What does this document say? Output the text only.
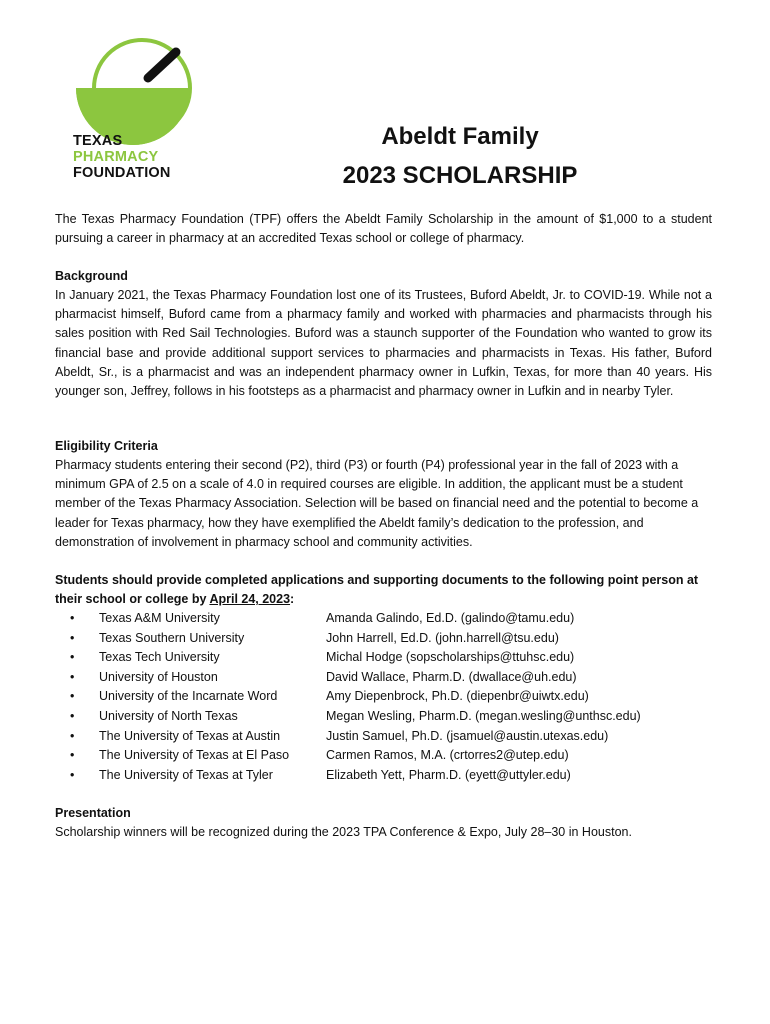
TEXAS
PHARMACY
FOUNDATION
Abeldt Family
2023 SCHOLARSHIP

The Texas Pharmacy Foundation (TPF) offers the Abeldt Family Scholarship in the amount of $1,000 to a student pursuing a career in pharmacy at an accredited Texas school or college of pharmacy.

Background

In January 2021, the Texas Pharmacy Foundation lost one of its Trustees, Buford Abeldt, Jr. to COVID-19. While not a pharmacist himself, Buford came from a pharmacy family and worked with pharmacies and pharmacists through his sales position with Red Sail Technologies. Buford was a staunch supporter of the Foundation who wanted to grow its financial base and provide additional support services to pharmacies and pharmacists in Texas. His father, Buford Abeldt, Sr., is a pharmacist and was an independent pharmacy owner in Lufkin, Texas, for more than 40 years. His younger son, Jeffrey, follows in his footsteps as a pharmacist and pharmacy owner in Lufkin and in nearby Tyler.

Eligibility Criteria

Pharmacy students entering their second (P2), third (P3) or fourth (P4) professional year in the fall of 2023 with a minimum GPA of 2.5 on a scale of 4.0 in required courses are eligible. In addition, the applicant must be a student member of the Texas Pharmacy Association. Selection will be based on financial need and the potential to become a leader for Texas pharmacy, how they have exemplified the Abeldt family’s dedication to the profession, and demonstration of involvement in pharmacy school and community activities.

Students should provide completed applications and supporting documents to the following point person at their school or college by April 24, 2023:

•	Texas A&M University	Amanda Galindo, Ed.D. (galindo@tamu.edu)
•	Texas Southern University	John Harrell, Ed.D. (john.harrell@tsu.edu)
•	Texas Tech University	Michal Hodge (sopscholarships@ttuhsc.edu)
•	University of Houston	David Wallace, Pharm.D. (dwallace@uh.edu)
•	University of the Incarnate Word	Amy Diepenbrock, Ph.D. (diepenbr@uiwtx.edu)
•	University of North Texas	Megan Wesling, Pharm.D. (megan.wesling@unthsc.edu)
•	The University of Texas at Austin	Justin Samuel, Ph.D. (jsamuel@austin.utexas.edu)
•	The University of Texas at El Paso	Carmen Ramos, M.A. (crtorres2@utep.edu)
•	The University of Texas at Tyler	Elizabeth Yett, Pharm.D. (eyett@uttyler.edu)
Presentation

Scholarship winners will be recognized during the 2023 TPA Conference & Expo, July 28–30 in Houston.
